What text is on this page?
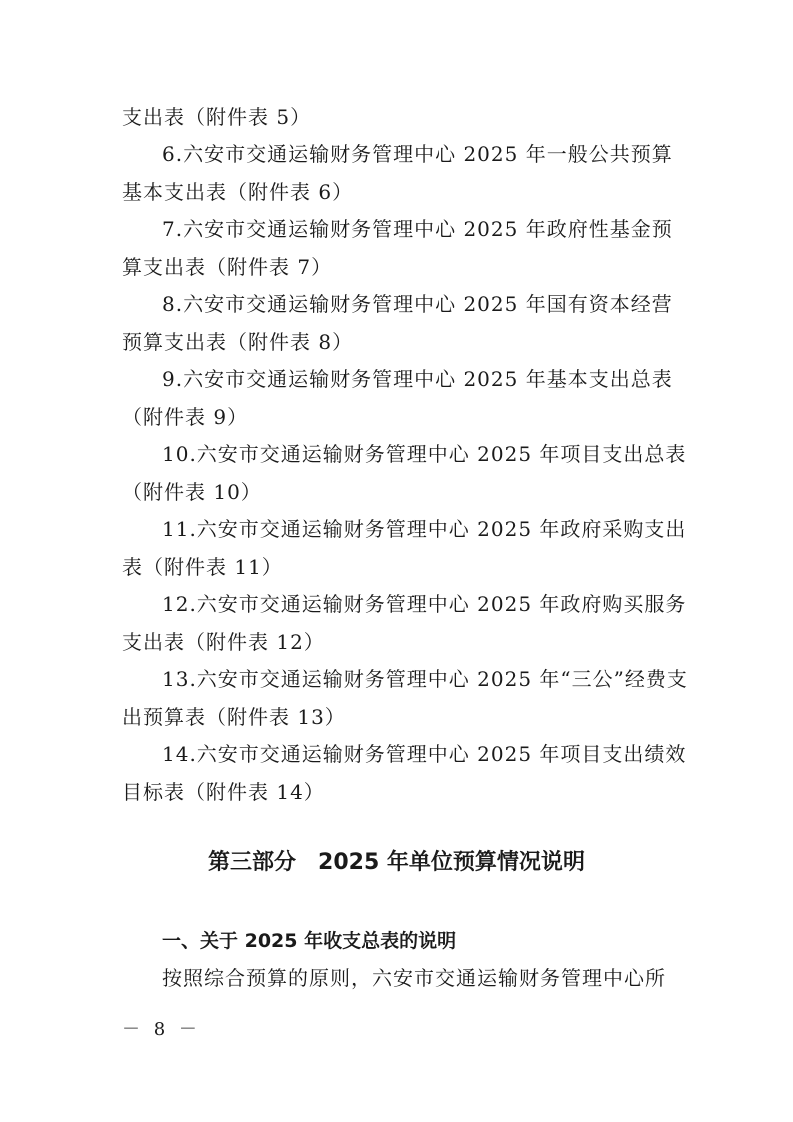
支出表（附件表 5）
6.六安市交通运输财务管理中心 2025 年一般公共预算
基本支出表（附件表 6）
7.六安市交通运输财务管理中心 2025 年政府性基金预
算支出表（附件表 7）
8.六安市交通运输财务管理中心 2025 年国有资本经营
预算支出表（附件表 8）
9.六安市交通运输财务管理中心 2025 年基本支出总表
（附件表 9）
10.六安市交通运输财务管理中心 2025 年项目支出总表
（附件表 10）
11.六安市交通运输财务管理中心 2025 年政府采购支出
表（附件表 11）
12.六安市交通运输财务管理中心 2025 年政府购买服务
支出表（附件表 12）
13.六安市交通运输财务管理中心 2025 年“三公”经费支
出预算表（附件表 13）
14.六安市交通运输财务管理中心 2025 年项目支出绩效
目标表（附件表 14）
第三部分　2025 年单位预算情况说明
一、关于 2025 年收支总表的说明
按照综合预算的原则，六安市交通运输财务管理中心所
－ 8 －
